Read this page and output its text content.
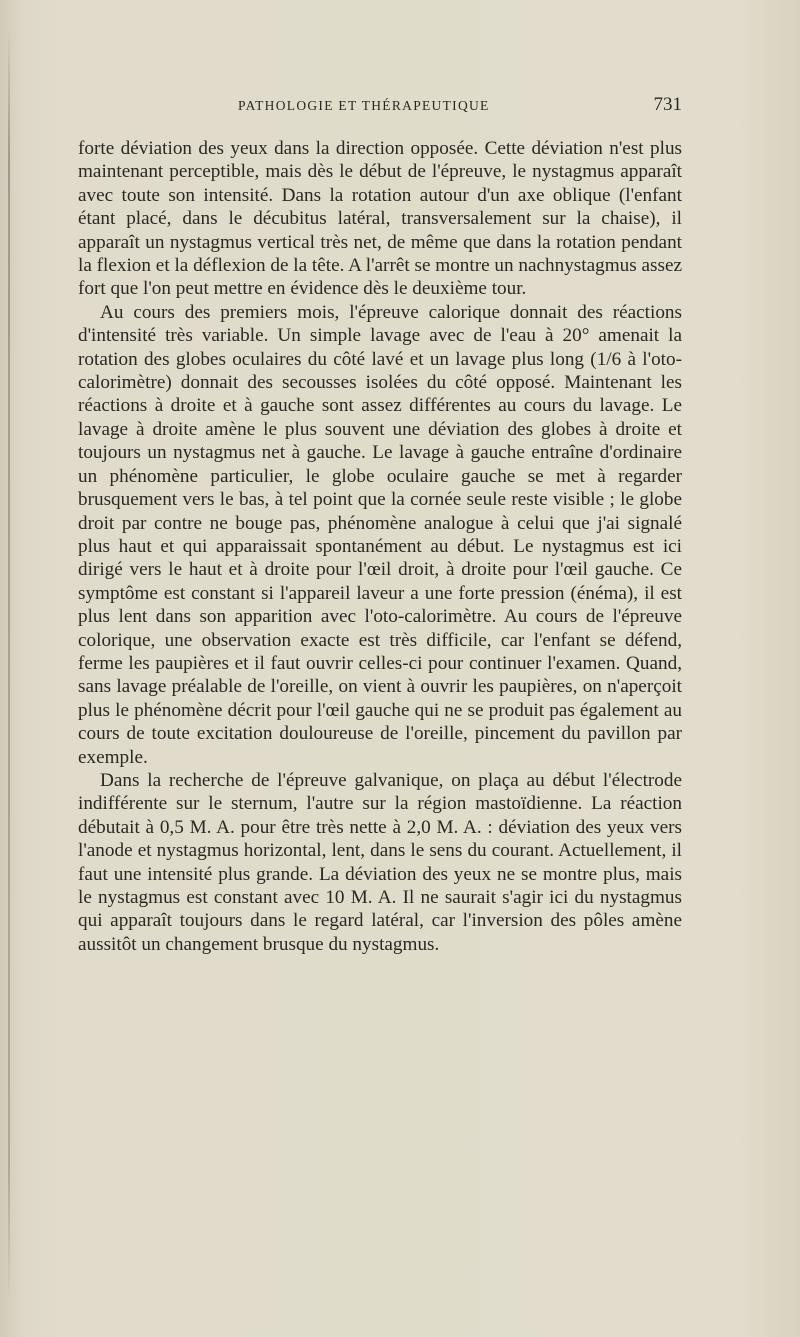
PATHOLOGIE ET THÉRAPEUTIQUE	731

forte déviation des yeux dans la direction opposée. Cette déviation n'est plus maintenant perceptible, mais dès le début de l'épreuve, le nystagmus apparaît avec toute son intensité. Dans la rotation autour d'un axe oblique (l'enfant étant placé, dans le décubitus latéral, transversalement sur la chaise), il apparaît un nystagmus vertical très net, de même que dans la rotation pendant la flexion et la déflexion de la tête. A l'arrêt se montre un nachnystagmus assez fort que l'on peut mettre en évidence dès le deuxième tour.

Au cours des premiers mois, l'épreuve calorique donnait des réactions d'intensité très variable. Un simple lavage avec de l'eau à 20° amenait la rotation des globes oculaires du côté lavé et un lavage plus long (1/6 à l'oto-calorimètre) donnait des secousses isolées du côté opposé. Maintenant les réactions à droite et à gauche sont assez différentes au cours du lavage. Le lavage à droite amène le plus souvent une déviation des globes à droite et toujours un nystagmus net à gauche. Le lavage à gauche entraîne d'ordinaire un phénomène particulier, le globe oculaire gauche se met à regarder brusquement vers le bas, à tel point que la cornée seule reste visible ; le globe droit par contre ne bouge pas, phénomène analogue à celui que j'ai signalé plus haut et qui apparaissait spontanément au début. Le nystagmus est ici dirigé vers le haut et à droite pour l'œil droit, à droite pour l'œil gauche. Ce symptôme est constant si l'appareil laveur a une forte pression (énéma), il est plus lent dans son apparition avec l'oto-calorimètre. Au cours de l'épreuve colorique, une observation exacte est très difficile, car l'enfant se défend, ferme les paupières et il faut ouvrir celles-ci pour continuer l'examen. Quand, sans lavage préalable de l'oreille, on vient à ouvrir les paupières, on n'aperçoit plus le phénomène décrit pour l'œil gauche qui ne se produit pas également au cours de toute excitation douloureuse de l'oreille, pincement du pavillon par exemple.

Dans la recherche de l'épreuve galvanique, on plaça au début l'électrode indifférente sur le sternum, l'autre sur la région mastoïdienne. La réaction débutait à 0,5 M. A. pour être très nette à 2,0 M. A. : déviation des yeux vers l'anode et nystagmus horizontal, lent, dans le sens du courant. Actuellement, il faut une intensité plus grande. La déviation des yeux ne se montre plus, mais le nystagmus est constant avec 10 M. A. Il ne saurait s'agir ici du nystagmus qui apparaît toujours dans le regard latéral, car l'inversion des pôles amène aussitôt un changement brusque du nystagmus.
